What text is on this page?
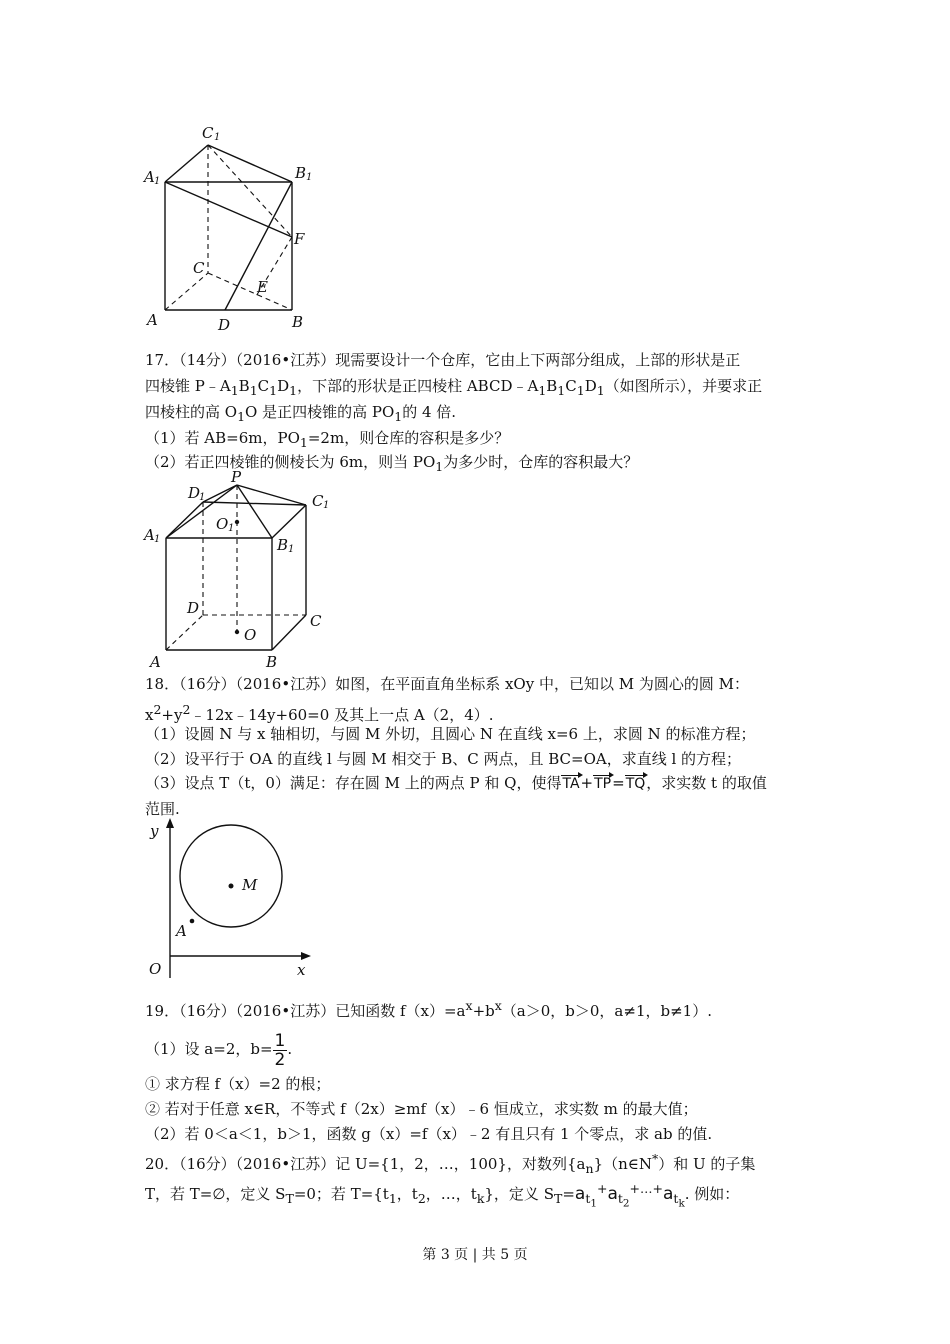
C 1
A 1	B 1
C
E
F
A	D	B
17．（14分）（2016•江苏）现需要设计一个仓库，它由上下两部分组成，上部的形状是正
四棱锥 $P﹣A_1B_1C_1D_1$，下部的形状是正四棱柱 $ABCD﹣A_1B_1C_1D_1$（如图所示），并要求正
四棱柱的高 $O_1O$ 是正四棱锥的高 $PO_1$的 4 倍.
（1）若 AB=6m，$PO_1=2m$，则仓库的容积是多少？
（2）若正四棱锥的侧棱长为 6m，则当 $PO_1$为多少时，仓库的容积最大？
P
D
1	C 1
O 1
A 1	B 1
D
C
O
A	B
18．（16分）（2016•江苏）如图，在平面直角坐标系 xOy 中，已知以 M 为圆心的圆 M：
$x^2+y^2﹣12x﹣14y+60=0$ 及其上一点 A（2，4）.
（1）设圆 N 与 x 轴相切，与圆 M 外切，且圆心 N 在直线 x=6 上，求圆 N 的标准方程；
（2）设平行于 OA 的直线 l 与圆 M 相交于 B、C 两点，且 BC=OA，求直线 l 的方程；
（3）设点 T（t，0）满足：存在圆 M 上的两点 P 和 Q，使得TA+TP=TQ，求实数 t 的取值
范围.
y
M
A
O	x
19．（16分）（2016•江苏）已知函数 $f(x)=a^x+b^x(a>0$，b＞0，a≠1，b≠1）.
（1）设 a=2，$b= \frac{1}{2}$ .
① 求方程 f（x）=2 的根；
② 若对于任意 x∈R，不等式 f（2x）≥mf（x）﹣6 恒成立，求实数 m 的最大值；
（2）若 0＜a＜1，b＞1，函数 g（x）=f（x）﹣2 有且只有 1 个零点，求 ab 的值.
20．（16分）（2016•江苏）记 U={1，2，…，100}，对数列$\{a_n\}(n\in N^*)$和 U 的子集
T，若 T=∅，定义 $S_T=0$；若 $T=\{t_1$，$t_2$，…，$t_k$}，定义 $S_T=a_{t_1}^+a_{t_2}^{+\dots+}a_{t_k}$. 例如：
第 3 页 | 共 5 页
